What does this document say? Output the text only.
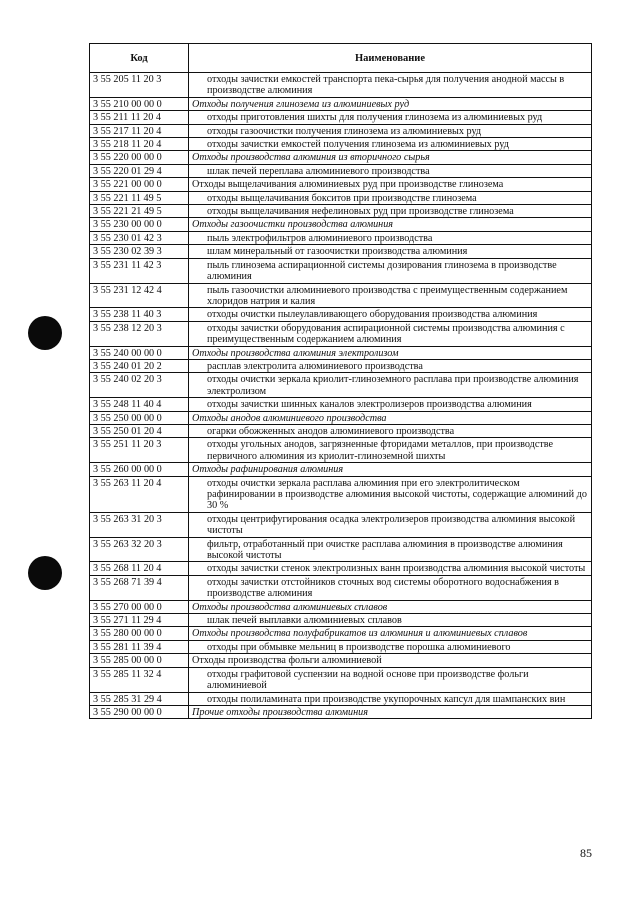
Код	Наименование
3 55 205 11 20 3	отходы зачистки емкостей транспорта пека-сырья для получения анодной массы в производстве алюминия
3 55 210 00 00 0	Отходы получения глинозема из алюминиевых руд
3 55 211 11 20 4	отходы приготовления шихты для получения глинозема из алюминиевых руд
3 55 217 11 20 4	отходы газоочистки получения глинозема из алюминиевых руд
3 55 218 11 20 4	отходы зачистки емкостей получения глинозема из алюминиевых руд
3 55 220 00 00 0	Отходы производства алюминия из вторичного сырья
3 55 220 01 29 4	шлак печей переплава алюминиевого производства
3 55 221 00 00 0	Отходы выщелачивания алюминиевых руд при производстве глинозема
3 55 221 11 49 5	отходы выщелачивания бокситов при производстве глинозема
3 55 221 21 49 5	отходы выщелачивания нефелиновых руд при производстве глинозема
3 55 230 00 00 0	Отходы газоочистки производства алюминия
3 55 230 01 42 3	пыль электрофильтров алюминиевого производства
3 55 230 02 39 3	шлам минеральный от газоочистки производства алюминия
3 55 231 11 42 3	пыль глинозема аспирационной системы дозирования глинозема в производстве алюминия
3 55 231 12 42 4	пыль газоочистки алюминиевого производства с преимущественным содержанием хлоридов натрия и калия
3 55 238 11 40 3	отходы очистки пылеулавливающего оборудования производства алюминия
3 55 238 12 20 3	отходы зачистки оборудования аспирационной системы производства алюминия с преимущественным содержанием алюминия
3 55 240 00 00 0	Отходы производства алюминия электролизом
3 55 240 01 20 2	расплав электролита алюминиевого производства
3 55 240 02 20 3	отходы очистки зеркала криолит-глиноземного расплава при производстве алюминия электролизом
3 55 248 11 40 4	отходы зачистки шинных каналов электролизеров производства алюминия
3 55 250 00 00 0	Отходы анодов алюминиевого производства
3 55 250 01 20 4	огарки обожженных анодов алюминиевого производства
3 55 251 11 20 3	отходы угольных анодов, загрязненные фторидами металлов, при производстве первичного алюминия из криолит-глиноземной шихты
3 55 260 00 00 0	Отходы рафинирования алюминия
3 55 263 11 20 4	отходы очистки зеркала расплава алюминия при его электролитическом рафинировании в производстве алюминия высокой чистоты, содержащие алюминий до 30 %
3 55 263 31 20 3	отходы центрифугирования осадка электролизеров производства алюминия высокой чистоты
3 55 263 32 20 3	фильтр, отработанный при очистке расплава алюминия в производстве алюминия высокой чистоты
3 55 268 11 20 4	отходы зачистки стенок электролизных ванн производства алюминия высокой чистоты
3 55 268 71 39 4	отходы зачистки отстойников сточных вод системы оборотного водоснабжения в производстве алюминия
3 55 270 00 00 0	Отходы производства алюминиевых сплавов
3 55 271 11 29 4	шлак печей выплавки алюминиевых сплавов
3 55 280 00 00 0	Отходы производства полуфабрикатов из алюминия и алюминиевых сплавов
3 55 281 11 39 4	отходы при обмывке мельниц в производстве порошка алюминиевого
3 55 285 00 00 0	Отходы производства фольги алюминиевой
3 55 285 11 32 4	отходы графитовой суспензии на водной основе при производстве фольги алюминиевой
3 55 285 31 29 4	отходы полиламината при производстве укупорочных капсул для шампанских вин
3 55 290 00 00 0	Прочие отходы производства алюминия
85
